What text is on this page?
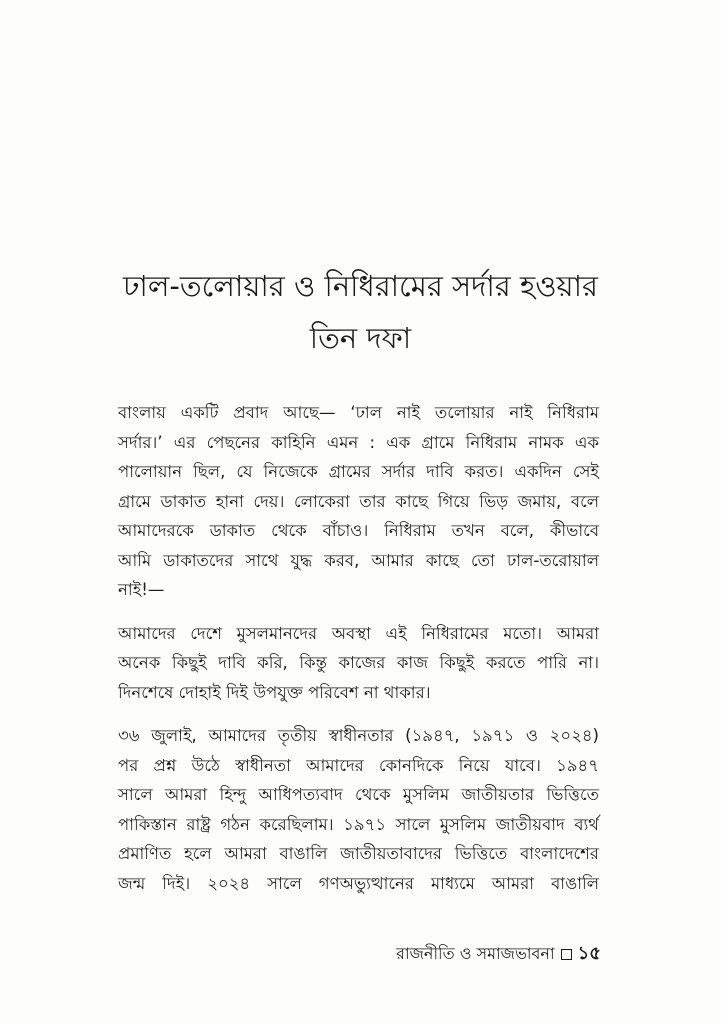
ঢাল-তলোয়ার ও নিধিরামের সর্দার হওয়ার
তিন দফা

বাংলায় একটি প্রবাদ আছে— ‘ঢাল নাই তলোয়ার নাই নিধিরাম
সর্দার।’ এর পেছনের কাহিনি এমন : এক গ্রামে নিধিরাম নামক এক
পালোয়ান ছিল, যে নিজেকে গ্রামের সর্দার দাবি করত। একদিন সেই
গ্রামে ডাকাত হানা দেয়। লোকেরা তার কাছে গিয়ে ভিড় জমায়, বলে
আমাদেরকে ডাকাত থেকে বাঁচাও। নিধিরাম তখন বলে, কীভাবে
আমি ডাকাতদের সাথে যুদ্ধ করব, আমার কাছে তো ঢাল-তরোয়াল
নাই!—

আমাদের দেশে মুসলমানদের অবস্থা এই নিধিরামের মতো। আমরা
অনেক কিছুই দাবি করি, কিন্তু কাজের কাজ কিছুই করতে পারি না।
দিনশেষে দোহাই দিই উপযুক্ত পরিবেশ না থাকার।

৩৬ জুলাই, আমাদের তৃতীয় স্বাধীনতার (১৯৪৭, ১৯৭১ ও ২০২৪)
পর প্রশ্ন উঠে স্বাধীনতা আমাদের কোনদিকে নিয়ে যাবে। ১৯৪৭
সালে আমরা হিন্দু আধিপত্যবাদ থেকে মুসলিম জাতীয়তার ভিত্তিতে
পাকিস্তান রাষ্ট্র গঠন করেছিলাম। ১৯৭১ সালে মুসলিম জাতীয়বাদ ব্যর্থ
প্রমাণিত হলে আমরা বাঙালি জাতীয়তাবাদের ভিত্তিতে বাংলাদেশের
জন্ম দিই। ২০২৪ সালে গণঅভ্যুত্থানের মাধ্যমে আমরা বাঙালি

রাজনীতি ও সমাজভাবনা ১৫
